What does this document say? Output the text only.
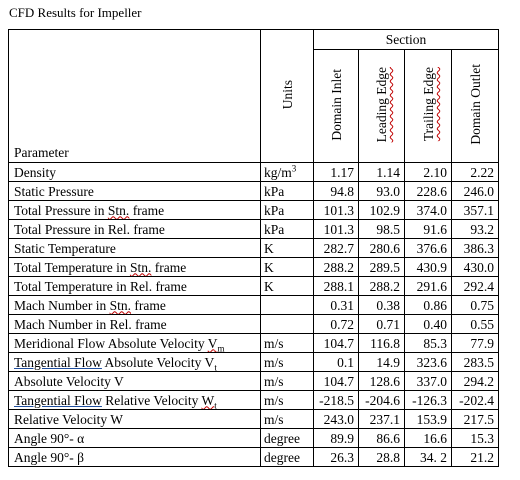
CFD Results for Impeller
Parameter	Units	Section			
		Domain Inlet	Leading Edge	Trailing Edge	Domain Outlet
Density	$kg/m^3$	1.17	1.14	2.10	2.22
Static Pressure	kPa	94.8	93.0	228.6	246.0
Total Pressure in Stn. frame	kPa	101.3	102.9	374.0	357.1
Total Pressure in Rel. frame	kPa	101.3	98.5	91.6	93.2
Static Temperature	K	282.7	280.6	376.6	386.3
Total Temperature in Stn. frame	K	288.2	289.5	430.9	430.0
Total Temperature in Rel. frame	K	288.1	288.2	291.6	292.4
Mach Number in Stn. frame		0.31	0.38	0.86	0.75
Mach Number in Rel. frame		0.72	0.71	0.40	0.55
Meridional Flow Absolute Velocity $V_m$	m/s	104.7	116.8	85.3	77.9
Tangential Flow Absolute Velocity $V_t$	m/s	0.1	14.9	323.6	283.5
Absolute Velocity V	m/s	104.7	128.6	337.0	294.2
Tangential Flow Relative Velocity $W_t$	m/s	-218.5	-204.6	-126.3	-202.4
Relative Velocity W	m/s	243.0	237.1	153.9	217.5
Angle 90°- α	degree	89.9	86.6	16.6	15.3
Angle 90°- β	degree	26.3	28.8	34. 2	21.2
